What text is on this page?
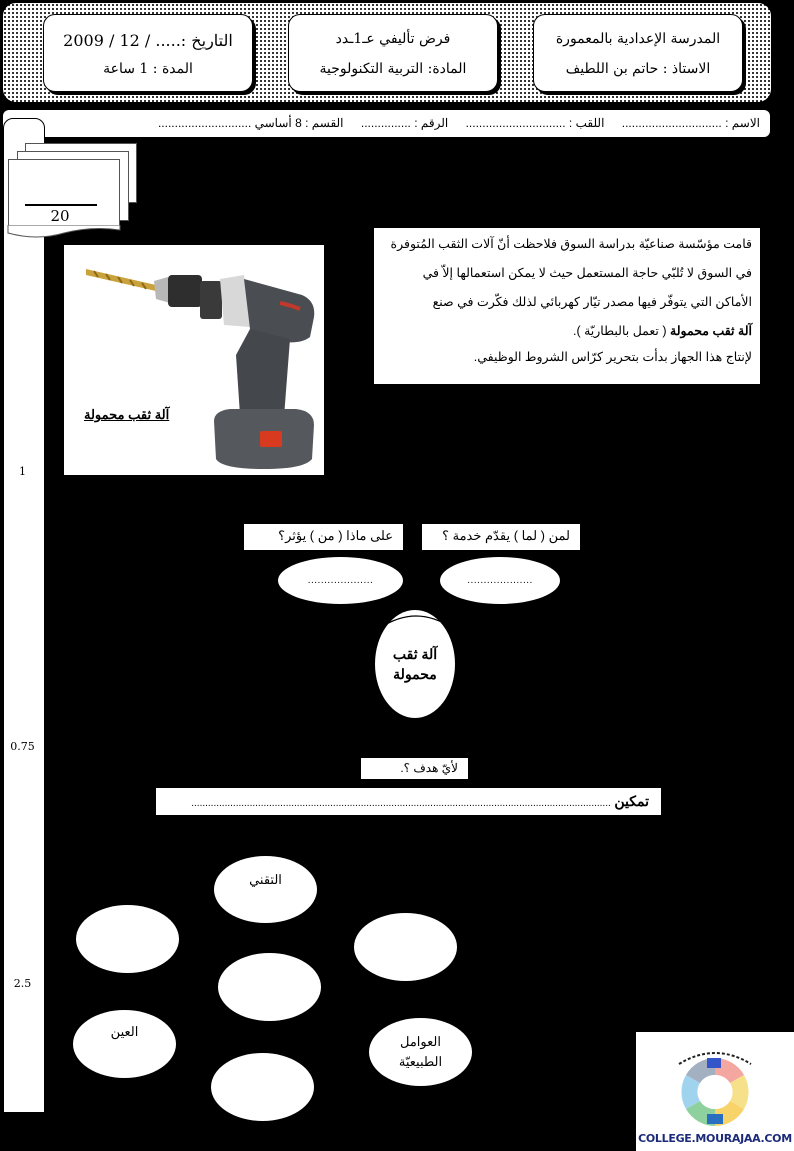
المدرسة الإعدادية بالمعمورة
الاستاذ : حاتم بن اللطيف
فرض تأليفي عـ1ـدد
المادة: التربية التكنولوجية
التاريخ :..... / 12 / 2009
المدة : 1 ساعة
الاسم : .............................. اللقب : .............................. الرقم : ............... القسم : 8 أساسي ............................
1
0.75
2.5
20
قامت مؤسّسة صناعيّة بدراسة السوق فلاحظت أنّ آلات الثقب المُتوفرة
في السوق لا تُلبّي حاجة المستعمل حيث لا يمكن استعمالها إلاّ في
الأماكن التي يتوفّر فيها مصدر تيّار كهربائي لذلك فكّرت في صنع
آلة ثقب محمولة ( تعمل بالبطاريّة ).
لإنتاج هذا الجهاز بدأت بتحرير كرّاس الشروط الوظيفي.
آلة ثقب محمولة
لمن ( لما ) يقدّم خدمة ؟
على ماذا ( من ) يؤثر؟
....................
....................
آلة ثقب محمولة
لأيّ هدف ؟.
تمكين .......................................................................................................................................................
التقني
العين
العوامل الطبيعيّة
COLLEGE.MOURAJAA.COM
